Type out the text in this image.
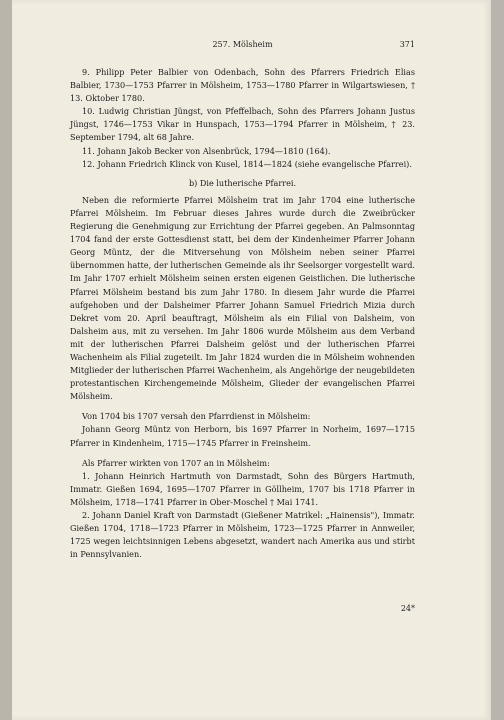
257. Mölsheim	371

9. Philipp Peter Balbier von Odenbach, Sohn des Pfarrers Friedrich Elias Balbier, 1730—1753 Pfarrer in Mölsheim, 1753—1780 Pfarrer in Wilgartswiesen, † 13. Oktober 1780.

10. Ludwig Christian Jüngst, von Pfeffelbach, Sohn des Pfarrers Johann Justus Jüngst, 1746—1753 Vikar in Hunspach, 1753—1794 Pfarrer in Mölsheim, † 23. September 1794, alt 68 Jahre.

11. Johann Jakob Becker von Alsenbrück, 1794—1810 (164).

12. Johann Friedrich Klinck von Kusel, 1814—1824 (siehe evangelische Pfarrei).

b) Die lutherische Pfarrei.

Neben die reformierte Pfarrei Mölsheim trat im Jahr 1704 eine lutherische Pfarrei Mölsheim. Im Februar dieses Jahres wurde durch die Zweibrücker Regierung die Genehmigung zur Errichtung der Pfarrei gegeben. An Palmsonntag 1704 fand der erste Gottesdienst statt, bei dem der Kindenheimer Pfarrer Johann Georg Müntz, der die Mitversehung von Mölsheim neben seiner Pfarrei übernommen hatte, der lutherischen Gemeinde als ihr Seelsorger vorgestellt ward. Im Jahr 1707 erhielt Mölsheim seinen ersten eigenen Geistlichen. Die lutherische Pfarrei Mölsheim bestand bis zum Jahr 1780. In diesem Jahr wurde die Pfarrei aufgehoben und der Dalsheimer Pfarrer Johann Samuel Friedrich Mizia durch Dekret vom 20. April beauftragt, Mölsheim als ein Filial von Dalsheim, von Dalsheim aus, mit zu versehen. Im Jahr 1806 wurde Mölsheim aus dem Verband mit der lutherischen Pfarrei Dalsheim gelöst und der lutherischen Pfarrei Wachenheim als Filial zugeteilt. Im Jahr 1824 wurden die in Mölsheim wohnenden Mitglieder der lutherischen Pfarrei Wachenheim, als Angehörige der neugebildeten protestantischen Kirchengemeinde Mölsheim, Glieder der evangelischen Pfarrei Mölsheim.

Von 1704 bis 1707 versah den Pfarrdienst in Mölsheim:

Johann Georg Müntz von Herborn, bis 1697 Pfarrer in Norheim, 1697—1715 Pfarrer in Kindenheim, 1715—1745 Pfarrer in Freinsheim.

Als Pfarrer wirkten von 1707 an in Mölsheim:

1. Johann Heinrich Hartmuth von Darmstadt, Sohn des Bürgers Hartmuth, Immatr. Gießen 1694, 1695—1707 Pfarrer in Göllheim, 1707 bis 1718 Pfarrer in Mölsheim, 1718—1741 Pfarrer in Ober-Moschel † Mai 1741.

2. Johann Daniel Kraft von Darmstadt (Gießener Matrikel: „Hainensis"), Immatr. Gießen 1704, 1718—1723 Pfarrer in Mölsheim, 1723—1725 Pfarrer in Annweiler, 1725 wegen leichtsinnigen Lebens abgesetzt, wandert nach Amerika aus und stirbt in Pennsylvanien.

24*
